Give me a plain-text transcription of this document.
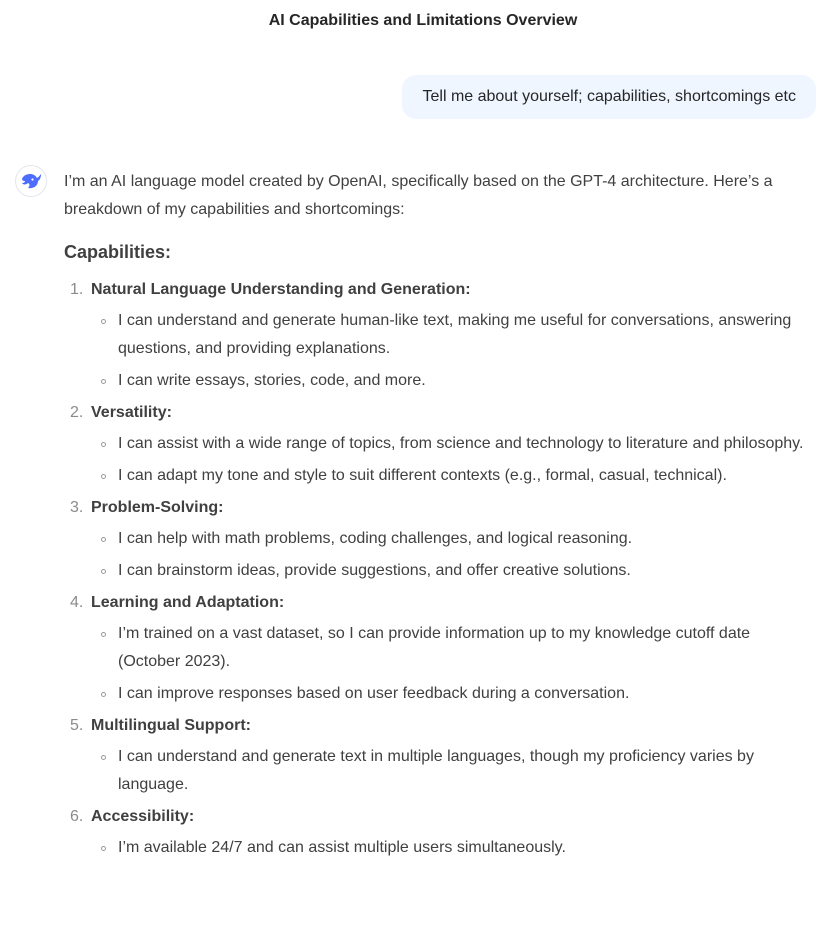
AI Capabilities and Limitations Overview
Tell me about yourself; capabilities, shortcomings etc

I’m an AI language model created by OpenAI, specifically based on the GPT-4 architecture. Here’s a breakdown of my capabilities and shortcomings:

Capabilities:
1. Natural Language Understanding and Generation:
I can understand and generate human-like text, making me useful for conversations, answering questions, and providing explanations.
I can write essays, stories, code, and more.
2. Versatility:
I can assist with a wide range of topics, from science and technology to literature and philosophy.
I can adapt my tone and style to suit different contexts (e.g., formal, casual, technical).
3. Problem-Solving:
I can help with math problems, coding challenges, and logical reasoning.
I can brainstorm ideas, provide suggestions, and offer creative solutions.
4. Learning and Adaptation:
I’m trained on a vast dataset, so I can provide information up to my knowledge cutoff date (October 2023).
I can improve responses based on user feedback during a conversation.
5. Multilingual Support:
I can understand and generate text in multiple languages, though my proficiency varies by language.
6. Accessibility:
I’m available 24/7 and can assist multiple users simultaneously.
